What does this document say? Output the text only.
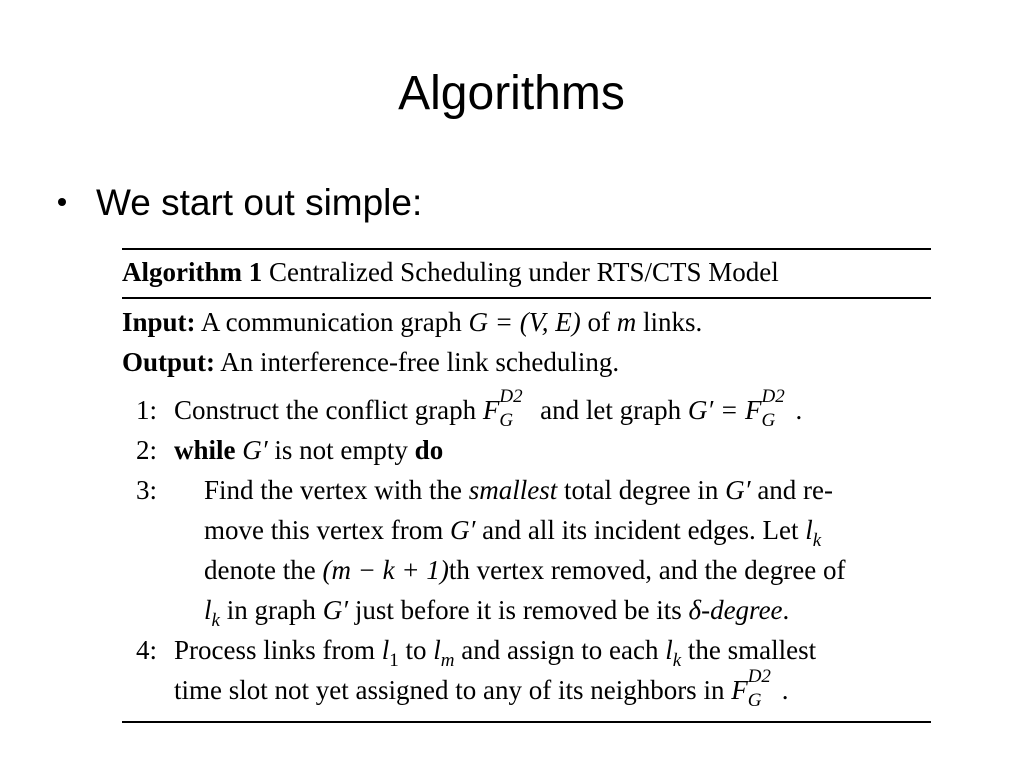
Algorithms
We start out simple:
Algorithm 1 Centralized Scheduling under RTS/CTS Model
Input: A communication graph G = (V, E) of m links.
Output: An interference-free link scheduling.
1: Construct the conflict graph F D2
G and let graph G′ = F D2
G .
2: while G′ is not empty do
3: Find the vertex with the smallest total degree in G′ and re-
move this vertex from G′ and all its incident edges. Let $l_k$
denote the (m − k + 1)th vertex removed, and the degree of
$l_k$ in graph G′ just before it is removed be its δ-degree.
4: Process links from $l_1$ to $l_m$ and assign to each $l_k$ the smallest
time slot not yet assigned to any of its neighbors in F D2
G .
